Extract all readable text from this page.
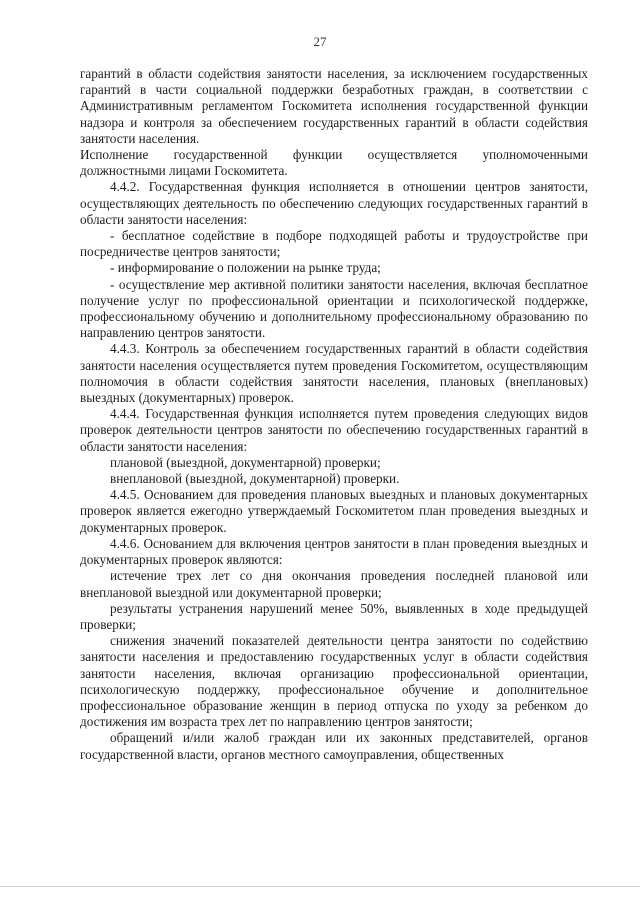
27

гарантий в области содействия занятости населения, за исключением государственных гарантий в части социальной поддержки безработных граждан, в соответствии с Административным регламентом Госкомитета исполнения государственной функции надзора и контроля за обеспечением государственных гарантий в области содействия занятости населения.

Исполнение государственной функции осуществляется уполномоченными должностными лицами Госкомитета.

4.4.2. Государственная функция исполняется в отношении центров занятости, осуществляющих деятельность по обеспечению следующих государственных гарантий в области занятости населения:

- бесплатное содействие в подборе подходящей работы и трудоустройстве при посредничестве центров занятости;

- информирование о положении на рынке труда;

- осуществление мер активной политики занятости населения, включая бесплатное получение услуг по профессиональной ориентации и психологической поддержке, профессиональному обучению и дополнительному профессиональному образованию по направлению центров занятости.

4.4.3. Контроль за обеспечением государственных гарантий в области содействия занятости населения осуществляется путем проведения Госкомитетом, осуществляющим полномочия в области содействия занятости населения, плановых (внеплановых) выездных (документарных) проверок.

4.4.4. Государственная функция исполняется путем проведения следующих видов проверок деятельности центров занятости по обеспечению государственных гарантий в области занятости населения:

плановой (выездной, документарной) проверки;

внеплановой (выездной, документарной) проверки.

4.4.5. Основанием для проведения плановых выездных и плановых документарных проверок является ежегодно утверждаемый Госкомитетом план проведения выездных и документарных проверок.

4.4.6. Основанием для включения центров занятости в план проведения выездных и документарных проверок являются:

истечение трех лет со дня окончания проведения последней плановой или внеплановой выездной или документарной проверки;

результаты устранения нарушений менее 50%, выявленных в ходе предыдущей проверки;

снижения значений показателей деятельности центра занятости по содействию занятости населения и предоставлению государственных услуг в области содействия занятости населения, включая организацию профессиональной ориентации, психологическую поддержку, профессиональное обучение и дополнительное профессиональное образование женщин в период отпуска по уходу за ребенком до достижения им возраста трех лет по направлению центров занятости;

обращений и/или жалоб граждан или их законных представителей, органов государственной власти, органов местного самоуправления, общественных
